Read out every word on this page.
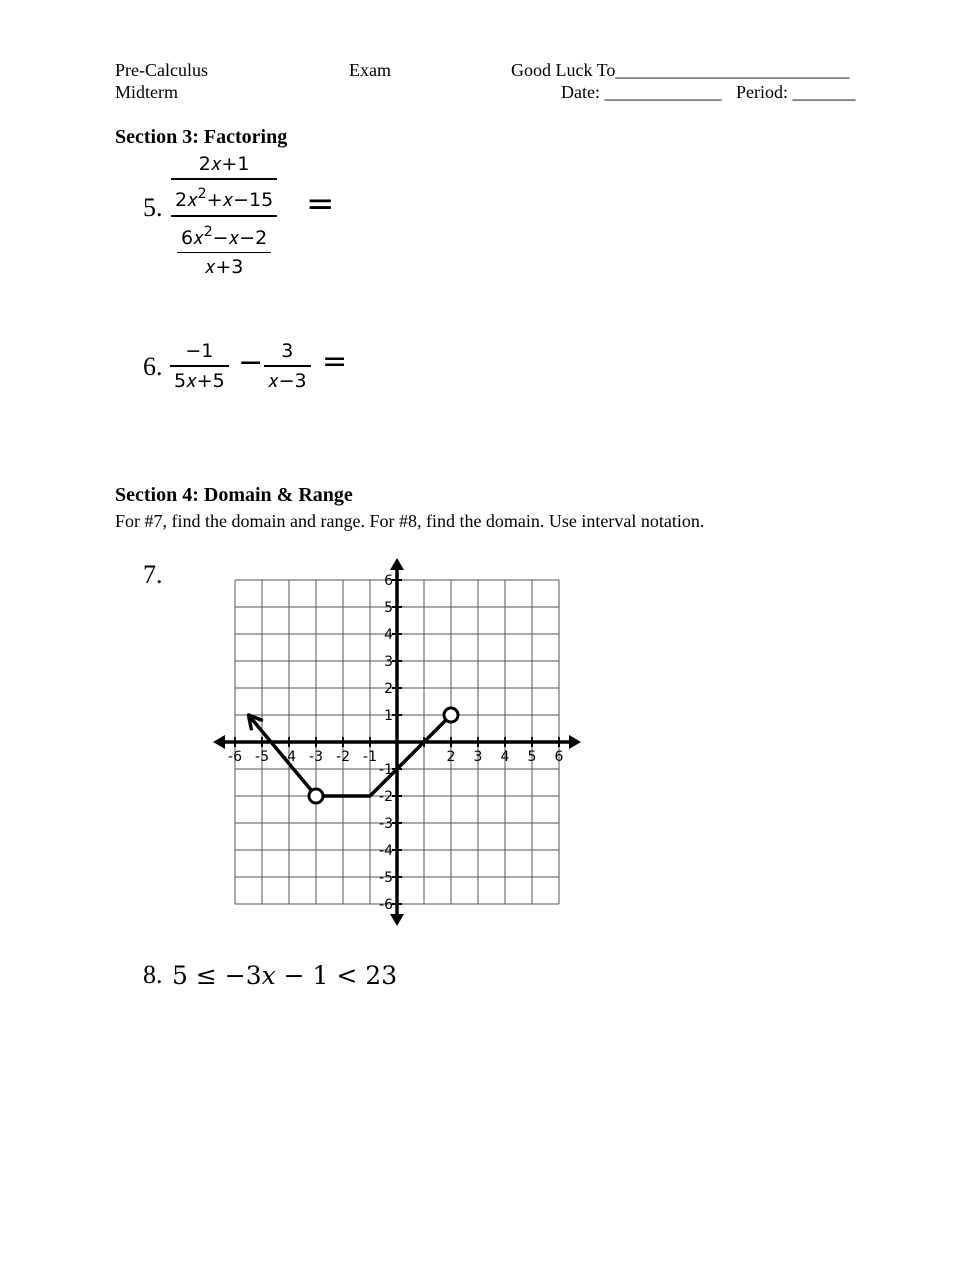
Pre-Calculus
Midterm
Exam	Good Luck To__________________________
Date: _____________ Period: _______
Section 3: Factoring
5. $\frac{\text{2𝑥+1}}{2𝑥^2+𝑥-15}$
$\frac{6𝑥^2-𝑥-2}{\text{𝑥+3}}$
=
6.
−1
5𝑥+5
− 3
𝑥−3
=
Section 4: Domain & Range
For #7, find the domain and range. For #8, find the domain. Use interval notation.
7.
-6 -5 -4 -3 -2 -1	2 3 4 5 6
6
5
4
3
2
1
-1
-2
-3
-4
-5
-6
8. 5 ≤ −3𝑥 − 1 < 23
